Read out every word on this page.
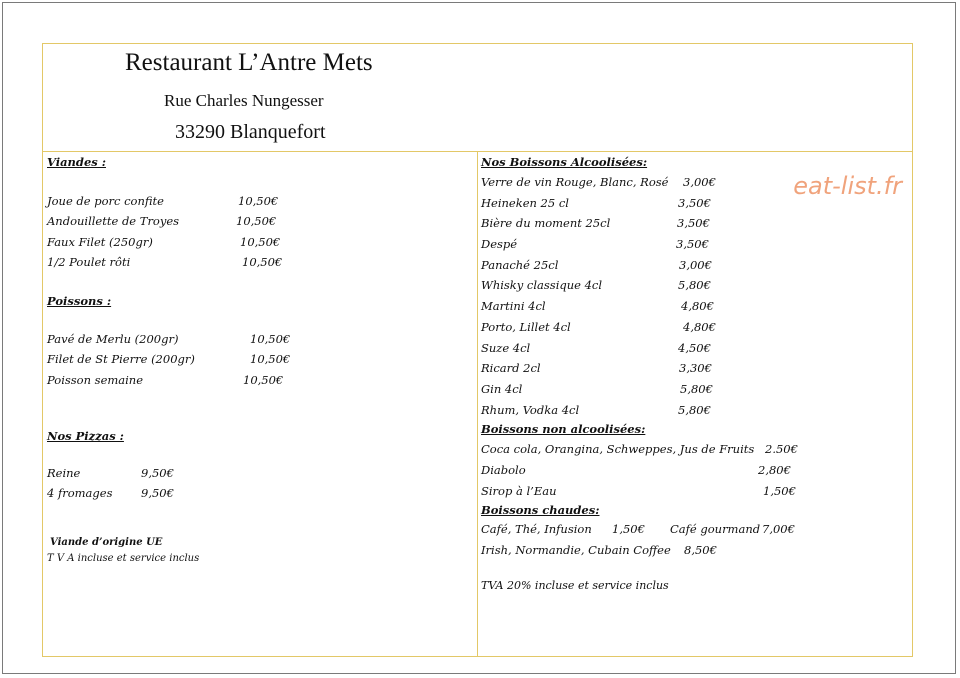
Restaurant L’Antre Mets
Rue Charles Nungesser
33290 Blanquefort
Viandes :
Joue de porc confite	10,50€
Andouillette de Troyes	10,50€
Faux Filet (250gr)	10,50€
1/2 Poulet rôti	10,50€
Poissons :
Pavé de Merlu (200gr)	10,50€
Filet de St Pierre (200gr)	10,50€
Poisson semaine	10,50€
Nos Pizzas :
Reine	9,50€
4 fromages 9,50€
Viande d’origine UE
T V A incluse et service inclus
Nos Boissons Alcoolisées:
Verre de vin Rouge, Blanc, Rosé 3,00€
Heineken 25 cl	3,50€
Bière du moment 25cl	3,50€
Despé	3,50€
Panaché 25cl	3,00€
Whisky classique 4cl	5,80€
Martini 4cl	4,80€
Porto, Lillet 4cl	4,80€
Suze 4cl	4,50€
Ricard 2cl	3,30€
Gin 4cl	5,80€
Rhum, Vodka 4cl	5,80€
Boissons non alcoolisées:
Coca cola, Orangina, Schweppes, Jus de Fruits 2.50€
Diabolo	2,80€
Sirop à l’Eau	1,50€
Boissons chaudes:
Café, Thé, Infusion 1,50€ Café gourmand 7,00€
Irish, Normandie, Cubain Coffee 8,50€
TVA 20% incluse et service inclus
eat-list.fr
